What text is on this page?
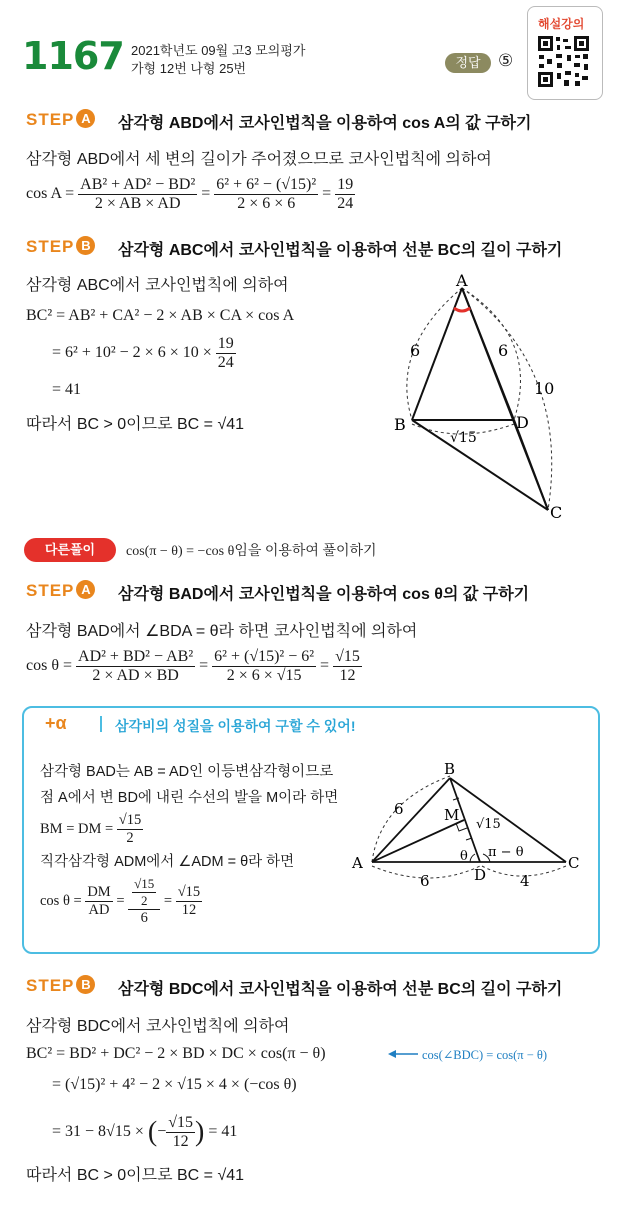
1167 2021학년도 09월 고3 모의평가
가형 12번 나형 25번	정답	⑤
해설강의
STEP A	삼각형 ABD에서 코사인법칙을 이용하여 cos A의 값 구하기
삼각형 ABD에서 세 변의 길이가 주어졌으므로 코사인법칙에 의하여
$\cos A = \frac{\text{AB² + AD² − BD²}}{2 \times AB \times AD} = \frac{\text{6² + 6² − (√15)²}}{2 \times 6 \times 6} = \frac{19}{24}$
STEP B	삼각형 ABC에서 코사인법칙을 이용하여 선분 BC의 길이 구하기
삼각형 ABC에서 코사인법칙에 의하여
BC² = AB² + CA² − 2 × AB × CA × cos A
= $6^2 + 10^2 - 2 \times 6 \times 10 \times \frac{19}{24}$
= 41
따라서 BC > 0이므로 BC = √41
A
B	D
C
6	6
10
√15
다른풀이	cos(π − θ) = −cos θ임을 이용하여 풀이하기
STEP A	삼각형 BAD에서 코사인법칙을 이용하여 cos θ의 값 구하기
삼각형 BAD에서 ∠BDA = θ라 하면 코사인법칙에 의하여
$\cos \theta = \frac{\text{AD² + BD² − AB²}}{2 \times AD \times BD} = \frac{\text{6² + (√15)² − 6²}}{2 \times 6 \times √15} = \frac{√15}{12}$
+α	삼각비의 성질을 이용하여 구할 수 있어!
삼각형 BAD는 AB = AD인 이등변삼각형이므로
점 A에서 변 BD에 내린 수선의 발을 M이라 하면
BM = DM = $\frac{√15}{2}$
직각삼각형 ADM에서 ∠ADM = θ라 하면
$\cos \theta = \frac{DM}{AD} = \frac{\frac{√15}{2}}{6} = \frac{√15}{12}$
B
A	C
D
M
6
6	4
√15
θ π − θ
STEP B	삼각형 BDC에서 코사인법칙을 이용하여 선분 BC의 길이 구하기
삼각형 BDC에서 코사인법칙에 의하여
BC² = BD² + DC² − 2 × BD × DC × cos(π − θ)	cos(∠BDC) = cos(π − θ)
= (√15)² + 4² − 2 × √15 × 4 × (−cos θ)
= 31 − 8√15 × (− $\frac{√15}{12}$ ) = 41
따라서 BC > 0이므로 BC = √41
